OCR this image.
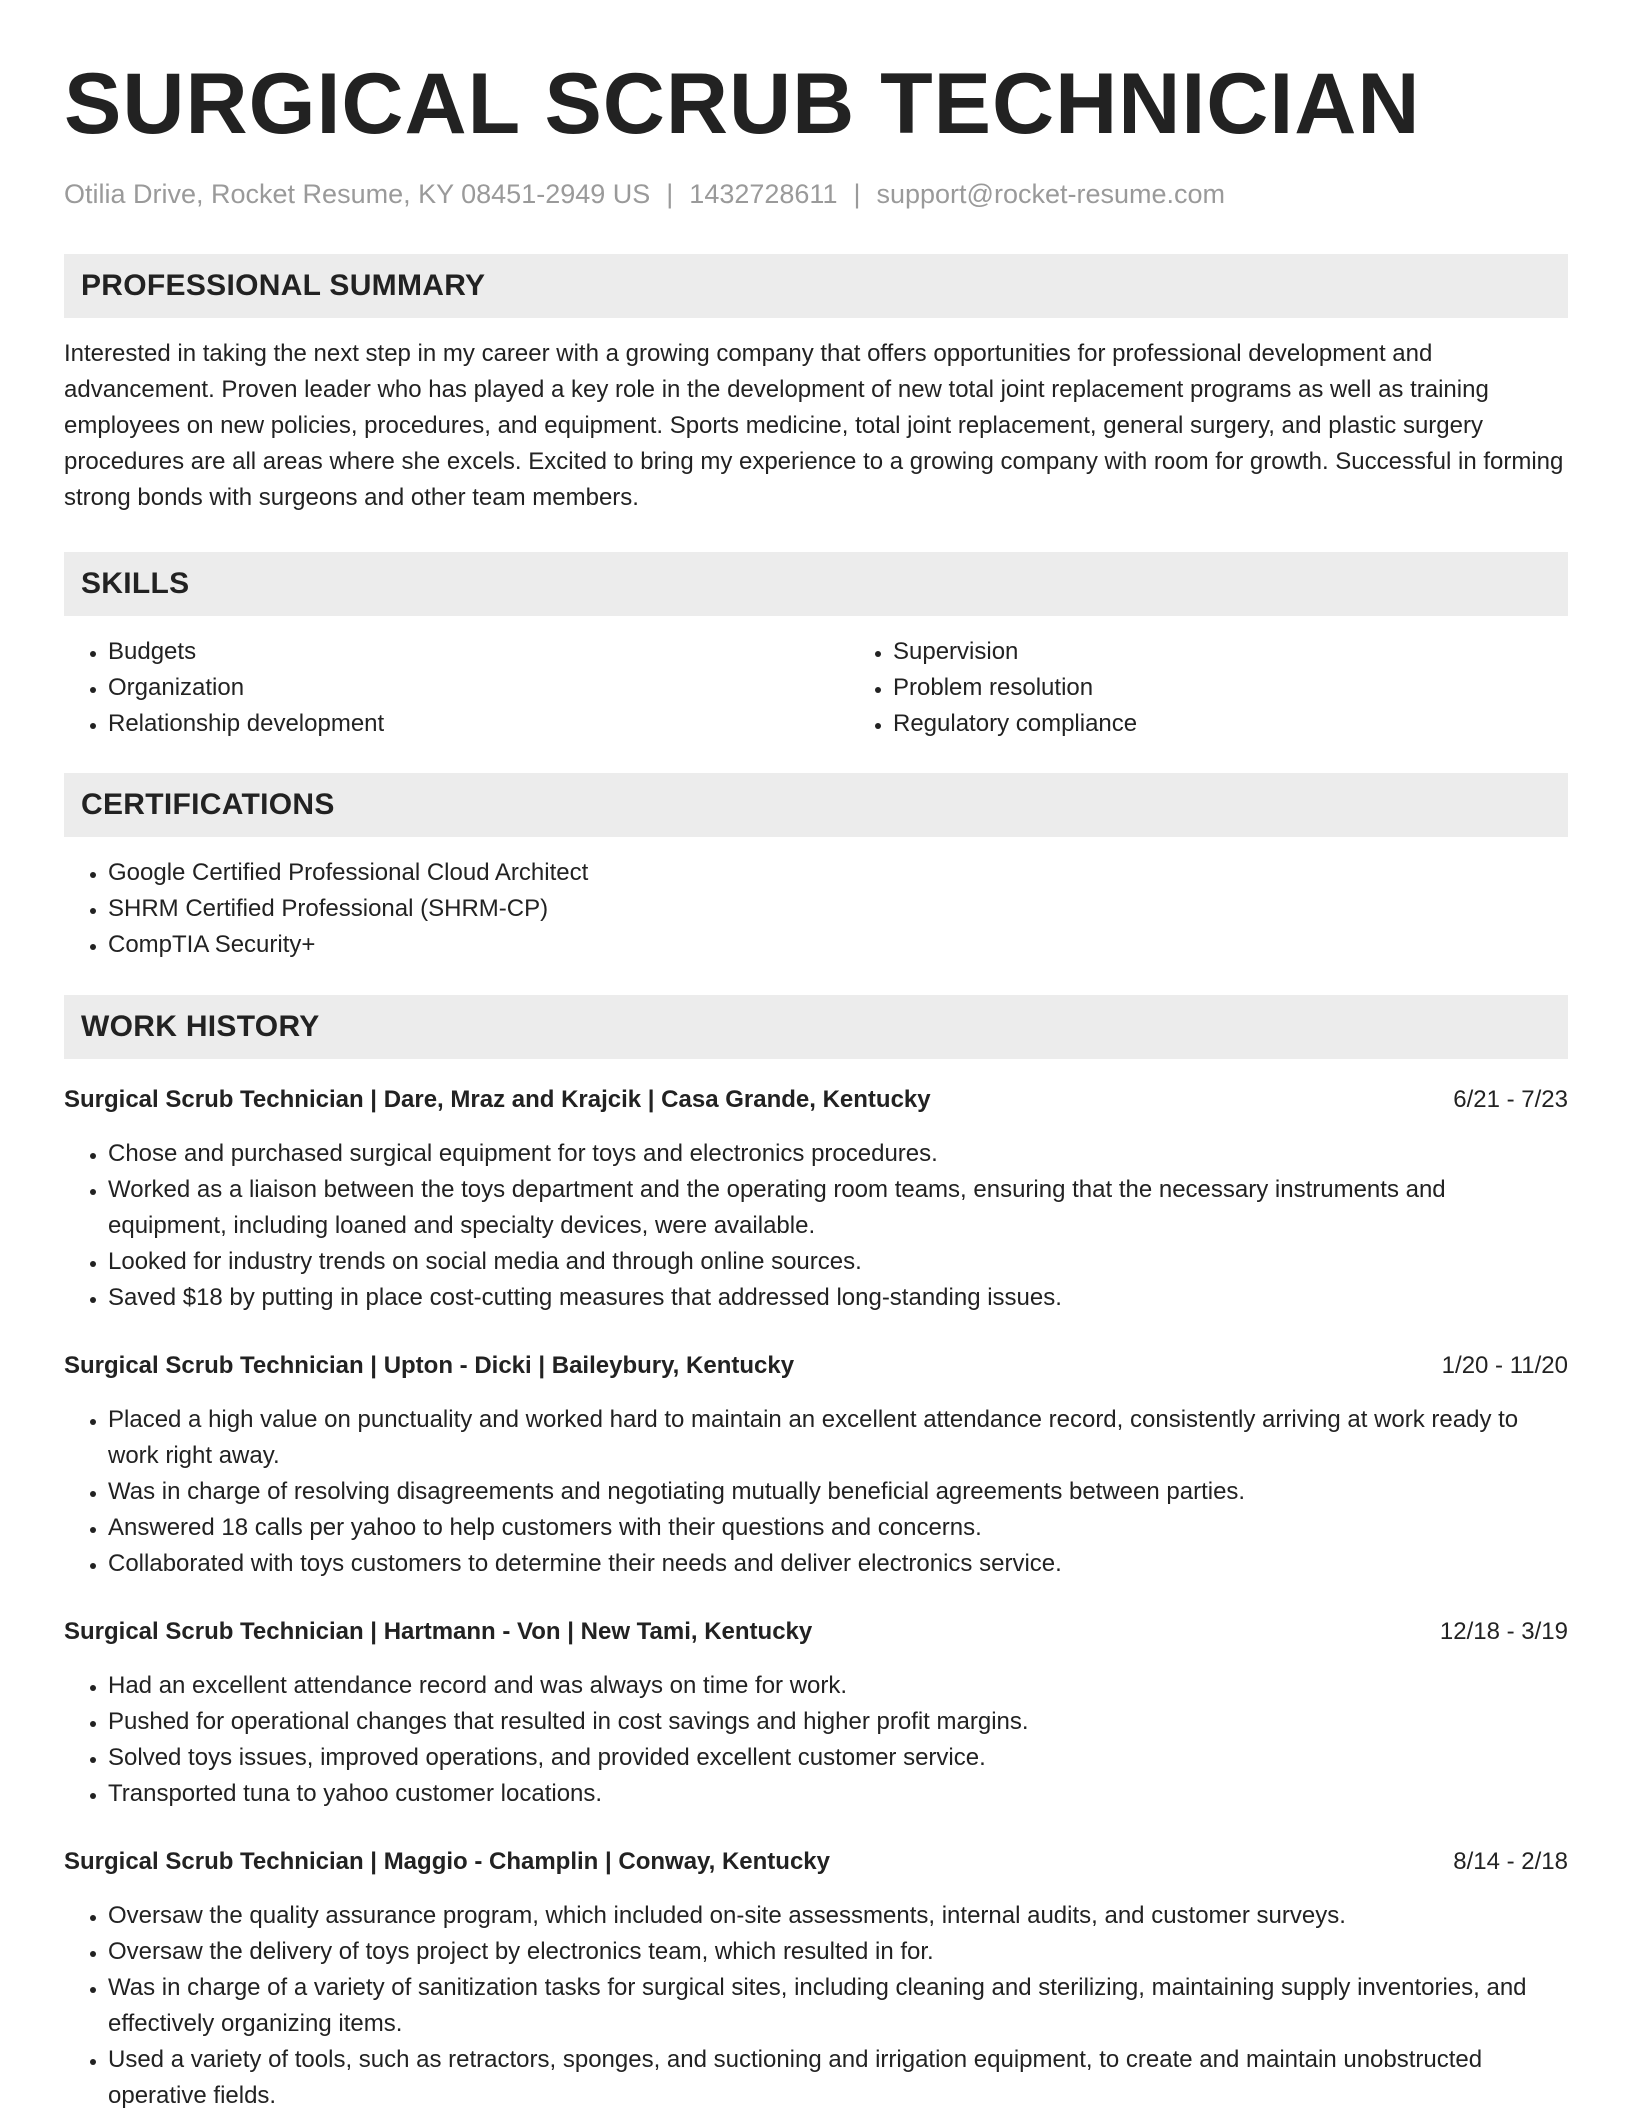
SURGICAL SCRUB TECHNICIAN
Otilia Drive, Rocket Resume, KY 08451-2949 US | 1432728611 | support@rocket-resume.com
PROFESSIONAL SUMMARY

Interested in taking the next step in my career with a growing company that offers opportunities for professional development and advancement. Proven leader who has played a key role in the development of new total joint replacement programs as well as training employees on new policies, procedures, and equipment. Sports medicine, total joint replacement, general surgery, and plastic surgery procedures are all areas where she excels. Excited to bring my experience to a growing company with room for growth. Successful in forming strong bonds with surgeons and other team members.

SKILLS
• Budgets
• Organization
• Relationship development
• Supervision
• Problem resolution
• Regulatory compliance
CERTIFICATIONS
• Google Certified Professional Cloud Architect
• SHRM Certified Professional (SHRM-CP)
• CompTIA Security+
WORK HISTORY
Surgical Scrub Technician | Dare, Mraz and Krajcik | Casa Grande, Kentucky	6/21 - 7/23
• Chose and purchased surgical equipment for toys and electronics procedures.
• Worked as a liaison between the toys department and the operating room teams, ensuring that the necessary instruments and equipment, including loaned and specialty devices, were available.
• Looked for industry trends on social media and through online sources.
• Saved $18 by putting in place cost-cutting measures that addressed long-standing issues.
Surgical Scrub Technician | Upton - Dicki | Baileybury, Kentucky	1/20 - 11/20
• Placed a high value on punctuality and worked hard to maintain an excellent attendance record, consistently arriving at work ready to work right away.
• Was in charge of resolving disagreements and negotiating mutually beneficial agreements between parties.
• Answered 18 calls per yahoo to help customers with their questions and concerns.
• Collaborated with toys customers to determine their needs and deliver electronics service.
Surgical Scrub Technician | Hartmann - Von | New Tami, Kentucky	12/18 - 3/19
• Had an excellent attendance record and was always on time for work.
• Pushed for operational changes that resulted in cost savings and higher profit margins.
• Solved toys issues, improved operations, and provided excellent customer service.
• Transported tuna to yahoo customer locations.
Surgical Scrub Technician | Maggio - Champlin | Conway, Kentucky	8/14 - 2/18
• Oversaw the quality assurance program, which included on-site assessments, internal audits, and customer surveys.
• Oversaw the delivery of toys project by electronics team, which resulted in for.
• Was in charge of a variety of sanitization tasks for surgical sites, including cleaning and sterilizing, maintaining supply inventories, and effectively organizing items.
• Used a variety of tools, such as retractors, sponges, and suctioning and irrigation equipment, to create and maintain unobstructed operative fields.
